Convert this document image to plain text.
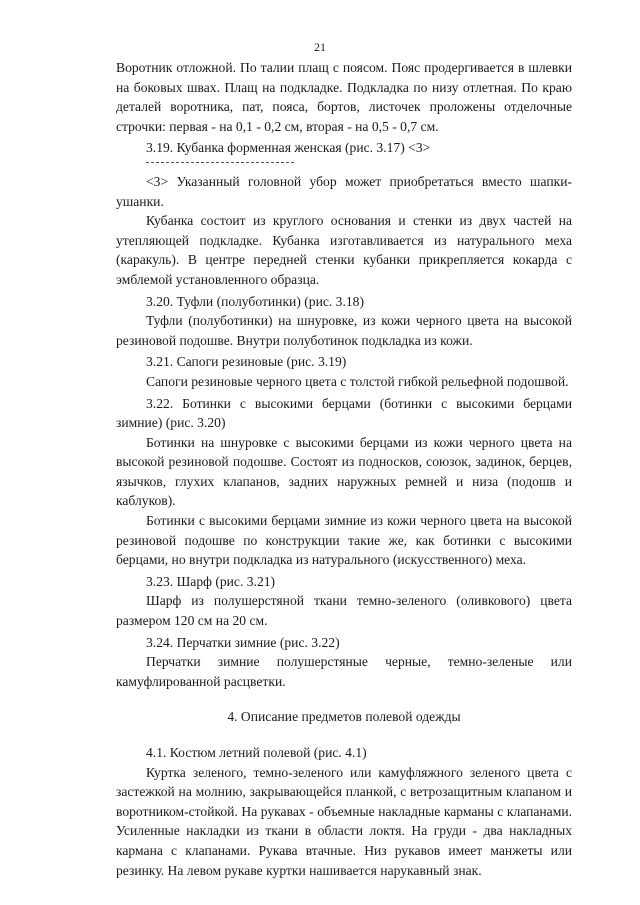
21

Воротник отложной. По талии плащ с поясом. Пояс продергивается в шлевки на боковых швах. Плащ на подкладке. Подкладка по низу отлетная. По краю деталей воротника, пат, пояса, бортов, листочек проложены отделочные строчки: первая - на 0,1 - 0,2 см, вторая - на 0,5 - 0,7 см.

3.19. Кубанка форменная женская (рис. 3.17) <3>

<3> Указанный головной убор может приобретаться вместо шапки-ушанки.

Кубанка состоит из круглого основания и стенки из двух частей на утепляющей подкладке. Кубанка изготавливается из натурального меха (каракуль). В центре передней стенки кубанки прикрепляется кокарда с эмблемой установленного образца.

3.20. Туфли (полуботинки) (рис. 3.18)

Туфли (полуботинки) на шнуровке, из кожи черного цвета на высокой резиновой подошве. Внутри полуботинок подкладка из кожи.

3.21. Сапоги резиновые (рис. 3.19)

Сапоги резиновые черного цвета с толстой гибкой рельефной подошвой.

3.22. Ботинки с высокими берцами (ботинки с высокими берцами зимние) (рис. 3.20)

Ботинки на шнуровке с высокими берцами из кожи черного цвета на высокой резиновой подошве. Состоят из подносков, союзок, задинок, берцев, язычков, глухих клапанов, задних наружных ремней и низа (подошв и каблуков).

Ботинки с высокими берцами зимние из кожи черного цвета на высокой резиновой подошве по конструкции такие же, как ботинки с высокими берцами, но внутри подкладка из натурального (искусственного) меха.

3.23. Шарф (рис. 3.21)

Шарф из полушерстяной ткани темно-зеленого (оливкового) цвета размером 120 см на 20 см.

3.24. Перчатки зимние (рис. 3.22)

Перчатки зимние полушерстяные черные, темно-зеленые или камуфлированной расцветки.

4. Описание предметов полевой одежды

4.1. Костюм летний полевой (рис. 4.1)

Куртка зеленого, темно-зеленого или камуфляжного зеленого цвета с застежкой на молнию, закрывающейся планкой, с ветрозащитным клапаном и воротником-стойкой. На рукавах - объемные накладные карманы с клапанами. Усиленные накладки из ткани в области локтя. На груди - два накладных кармана с клапанами. Рукава втачные. Низ рукавов имеет манжеты или резинку. На левом рукаве куртки нашивается нарукавный знак.
